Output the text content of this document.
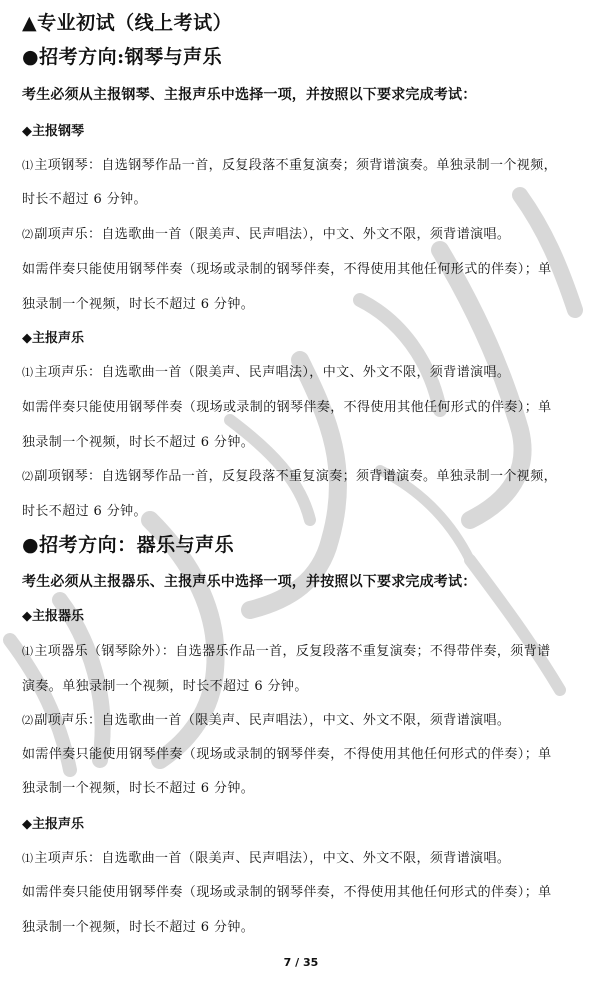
▲专业初试（线上考试）
●招考方向:钢琴与声乐
考生必须从主报钢琴、主报声乐中选择一项，并按照以下要求完成考试：
◆主报钢琴
⑴主项钢琴：自选钢琴作品一首，反复段落不重复演奏；须背谱演奏。单独录制一个视频，
时长不超过 6 分钟。
⑵副项声乐：自选歌曲一首（限美声、民声唱法），中文、外文不限，须背谱演唱。
如需伴奏只能使用钢琴伴奏（现场或录制的钢琴伴奏，不得使用其他任何形式的伴奏）；单
独录制一个视频，时长不超过 6 分钟。
◆主报声乐
⑴主项声乐：自选歌曲一首（限美声、民声唱法），中文、外文不限，须背谱演唱。
如需伴奏只能使用钢琴伴奏（现场或录制的钢琴伴奏，不得使用其他任何形式的伴奏）；单
独录制一个视频，时长不超过 6 分钟。
⑵副项钢琴：自选钢琴作品一首，反复段落不重复演奏；须背谱演奏。单独录制一个视频，
时长不超过 6 分钟。
●招考方向：器乐与声乐
考生必须从主报器乐、主报声乐中选择一项，并按照以下要求完成考试：
◆主报器乐
⑴主项器乐（钢琴除外）：自选器乐作品一首，反复段落不重复演奏；不得带伴奏，须背谱
演奏。单独录制一个视频，时长不超过 6 分钟。
⑵副项声乐：自选歌曲一首（限美声、民声唱法），中文、外文不限，须背谱演唱。
如需伴奏只能使用钢琴伴奏（现场或录制的钢琴伴奏，不得使用其他任何形式的伴奏）；单
独录制一个视频，时长不超过 6 分钟。
◆主报声乐
⑴主项声乐：自选歌曲一首（限美声、民声唱法），中文、外文不限，须背谱演唱。
如需伴奏只能使用钢琴伴奏（现场或录制的钢琴伴奏，不得使用其他任何形式的伴奏）；单
独录制一个视频，时长不超过 6 分钟。
7 / 35
